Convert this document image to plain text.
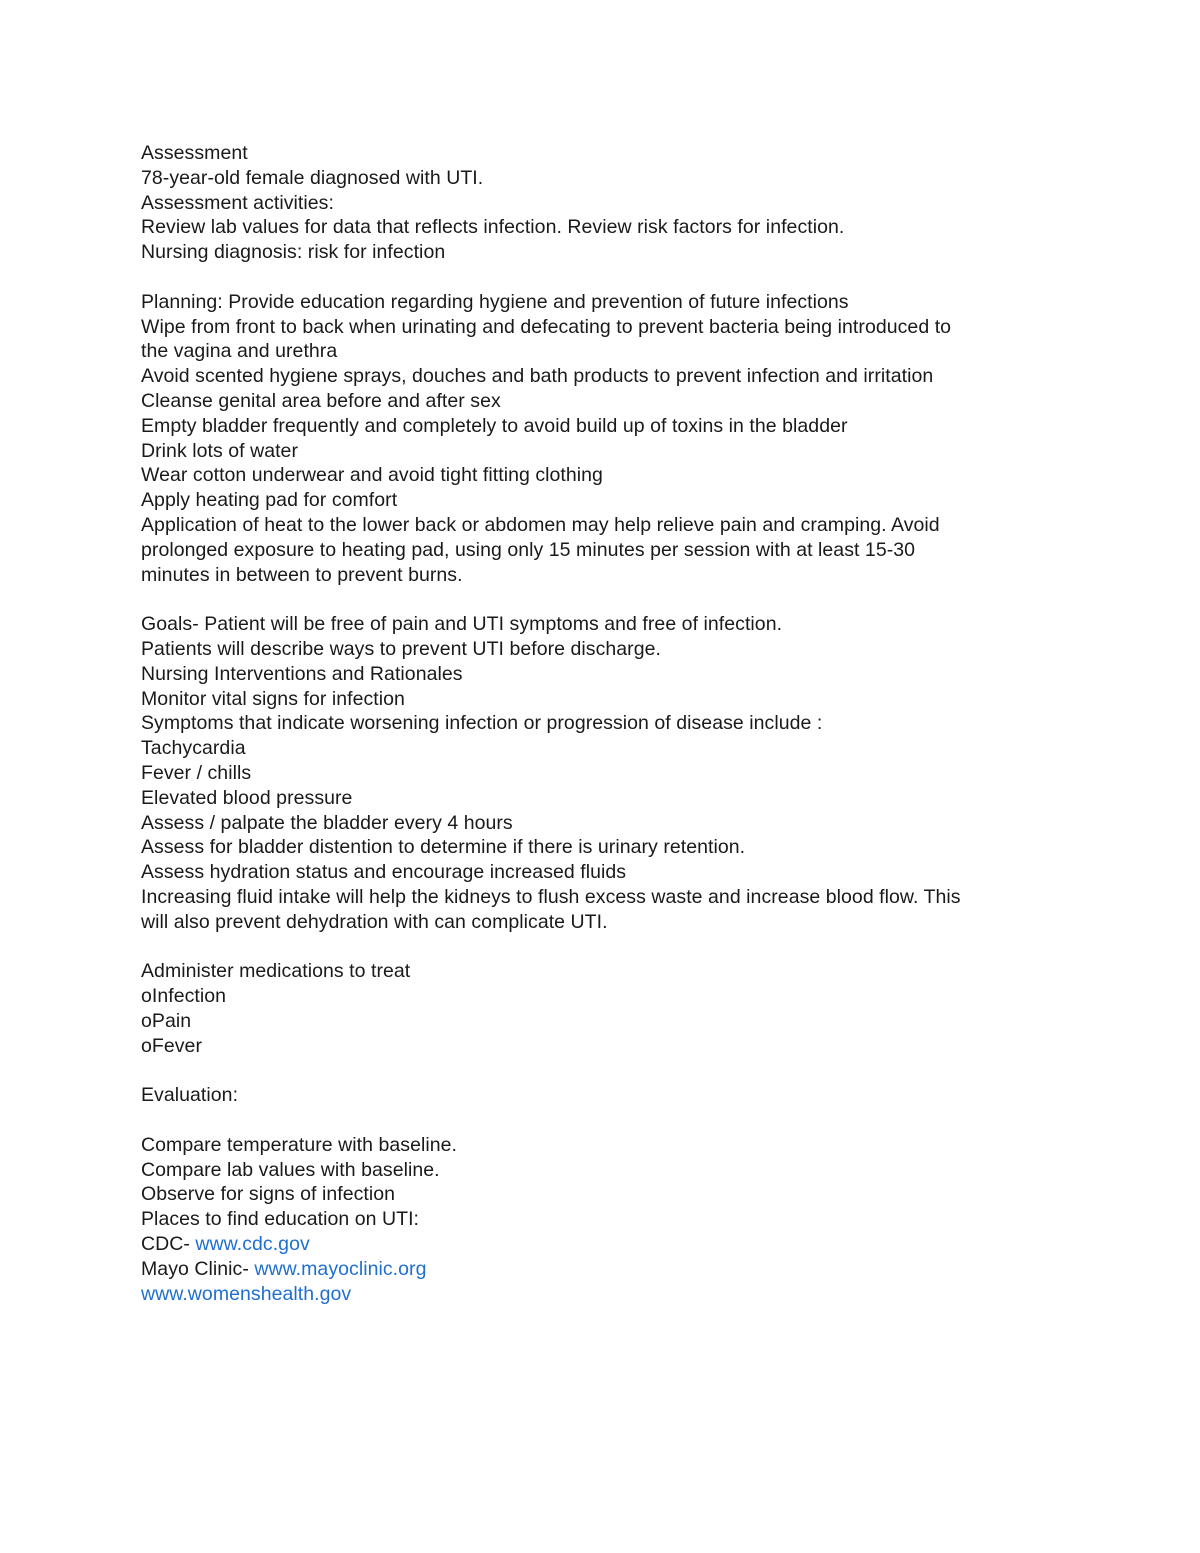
Assessment
78-year-old female diagnosed with UTI.
Assessment activities:
Review lab values for data that reflects infection. Review risk factors for infection.
Nursing diagnosis: risk for infection
Planning: Provide education regarding hygiene and prevention of future infections
Wipe from front to back when urinating and defecating to prevent bacteria being introduced to
the vagina and urethra
Avoid scented hygiene sprays, douches and bath products to prevent infection and irritation
Cleanse genital area before and after sex
Empty bladder frequently and completely to avoid build up of toxins in the bladder
Drink lots of water
Wear cotton underwear and avoid tight fitting clothing
Apply heating pad for comfort
Application of heat to the lower back or abdomen may help relieve pain and cramping. Avoid
prolonged exposure to heating pad, using only 15 minutes per session with at least 15-30
minutes in between to prevent burns.
Goals- Patient will be free of pain and UTI symptoms and free of infection.
Patients will describe ways to prevent UTI before discharge.
Nursing Interventions and Rationales
Monitor vital signs for infection
Symptoms that indicate worsening infection or progression of disease include :
Tachycardia
Fever / chills
Elevated blood pressure
Assess / palpate the bladder every 4 hours
Assess for bladder distention to determine if there is urinary retention.
Assess hydration status and encourage increased fluids
Increasing fluid intake will help the kidneys to flush excess waste and increase blood flow. This
will also prevent dehydration with can complicate UTI.
Administer medications to treat
oInfection
oPain
oFever
Evaluation:
Compare temperature with baseline.
Compare lab values with baseline.
Observe for signs of infection
Places to find education on UTI:
CDC- www.cdc.gov
Mayo Clinic- www.mayoclinic.org
www.womenshealth.gov
